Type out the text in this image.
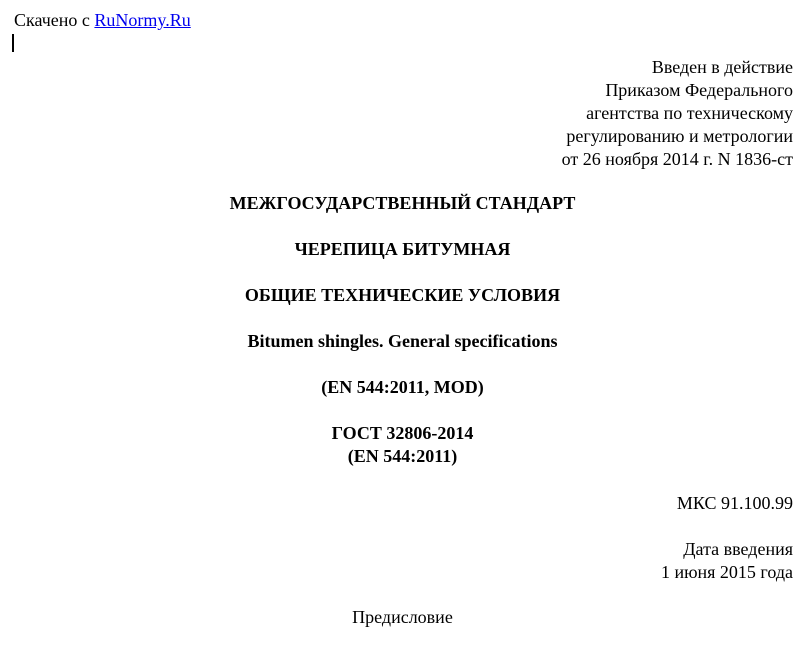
Скачено с RuNormy.Ru
Введен в действие
Приказом Федерального
агентства по техническому
регулированию и метрологии
от 26 ноября 2014 г. N 1836-ст
МЕЖГОСУДАРСТВЕННЫЙ СТАНДАРТ
ЧЕРЕПИЦА БИТУМНАЯ
ОБЩИЕ ТЕХНИЧЕСКИЕ УСЛОВИЯ
Bitumen shingles. General specifications
(EN 544:2011, MOD)
ГОСТ 32806-2014
(EN 544:2011)
МКС 91.100.99
Дата введения
1 июня 2015 года
Предисловие
